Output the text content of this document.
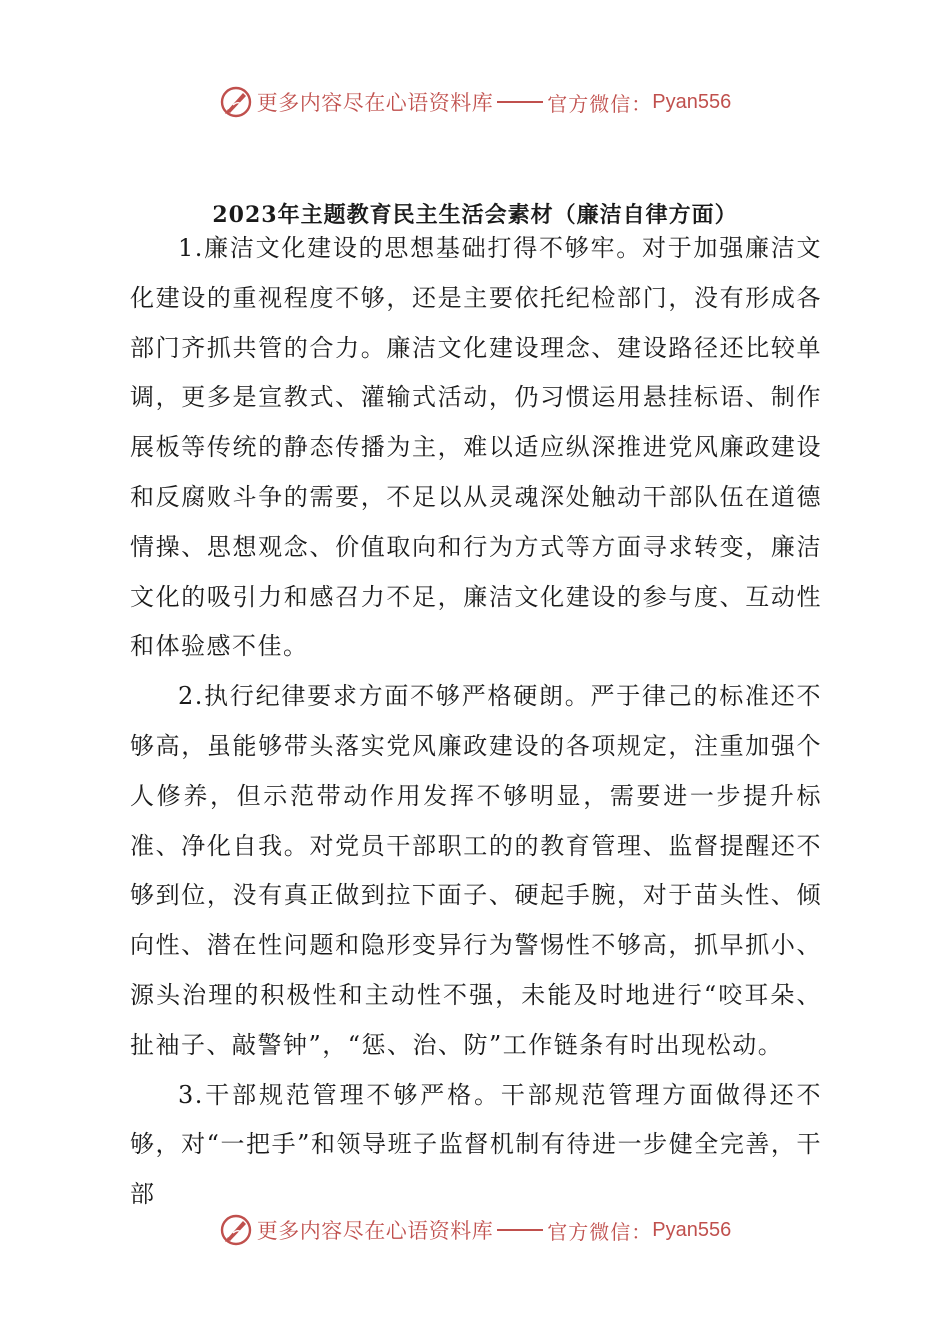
更多内容尽在心语资料库	官方微信： Pyan556
2023年主题教育民主生活会素材（廉洁自律方面）

1.廉洁文化建设的思想基础打得不够牢。对于加强廉洁文化建设的重视程度不够，还是主要依托纪检部门，没有形成各部门齐抓共管的合力。廉洁文化建设理念、建设路径还比较单调，更多是宣教式、灌输式活动，仍习惯运用悬挂标语、制作展板等传统的静态传播为主，难以适应纵深推进党风廉政建设和反腐败斗争的需要，不足以从灵魂深处触动干部队伍在道德情操、思想观念、价值取向和行为方式等方面寻求转变，廉洁文化的吸引力和感召力不足，廉洁文化建设的参与度、互动性和体验感不佳。

2.执行纪律要求方面不够严格硬朗。严于律己的标准还不够高，虽能够带头落实党风廉政建设的各项规定，注重加强个人修养，但示范带动作用发挥不够明显，需要进一步提升标准、净化自我。对党员干部职工的的教育管理、监督提醒还不够到位，没有真正做到拉下面子、硬起手腕，对于苗头性、倾向性、潜在性问题和隐形变异行为警惕性不够高，抓早抓小、源头治理的积极性和主动性不强，未能及时地进行“咬耳朵、扯袖子、敲警钟”，“惩、治、防”工作链条有时出现松动。

3.干部规范管理不够严格。干部规范管理方面做得还不够，对“一把手”和领导班子监督机制有待进一步健全完善，干部

更多内容尽在心语资料库	官方微信： Pyan556
